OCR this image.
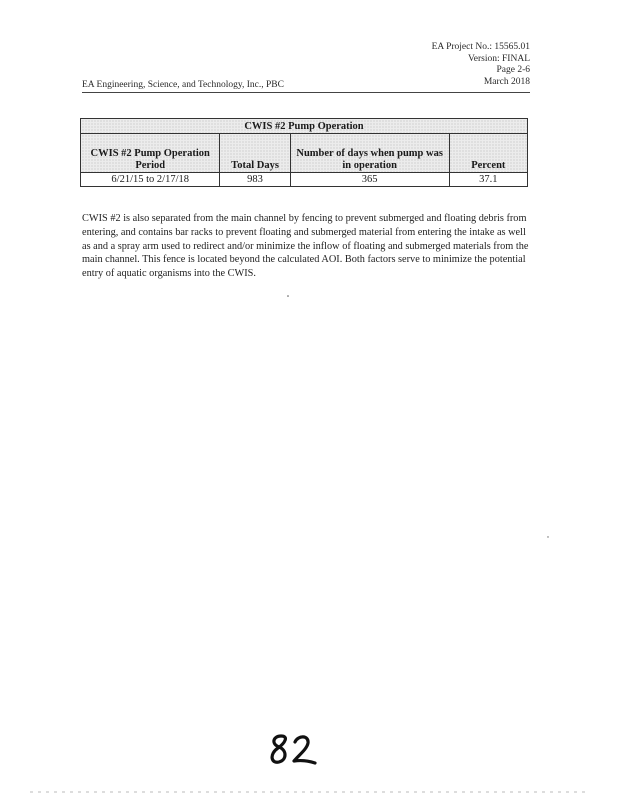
EA Project No.: 15565.01
Version: FINAL
Page 2-6
March 2018
EA Engineering, Science, and Technology, Inc., PBC
CWIS #2 Pump Operation			
CWIS #2 Pump Operation Period	Total Days	Number of days when pump was in operation	Percent
6/21/15 to 2/17/18	983	365	37.1
CWIS #2 is also separated from the main channel by fencing to prevent submerged and floating debris from entering, and contains bar racks to prevent floating and submerged material from entering the intake as well as and a spray arm used to redirect and/or minimize the inflow of floating and submerged materials from the main channel. This fence is located beyond the calculated AOI. Both factors serve to minimize the potential entry of aquatic organisms into the CWIS.
